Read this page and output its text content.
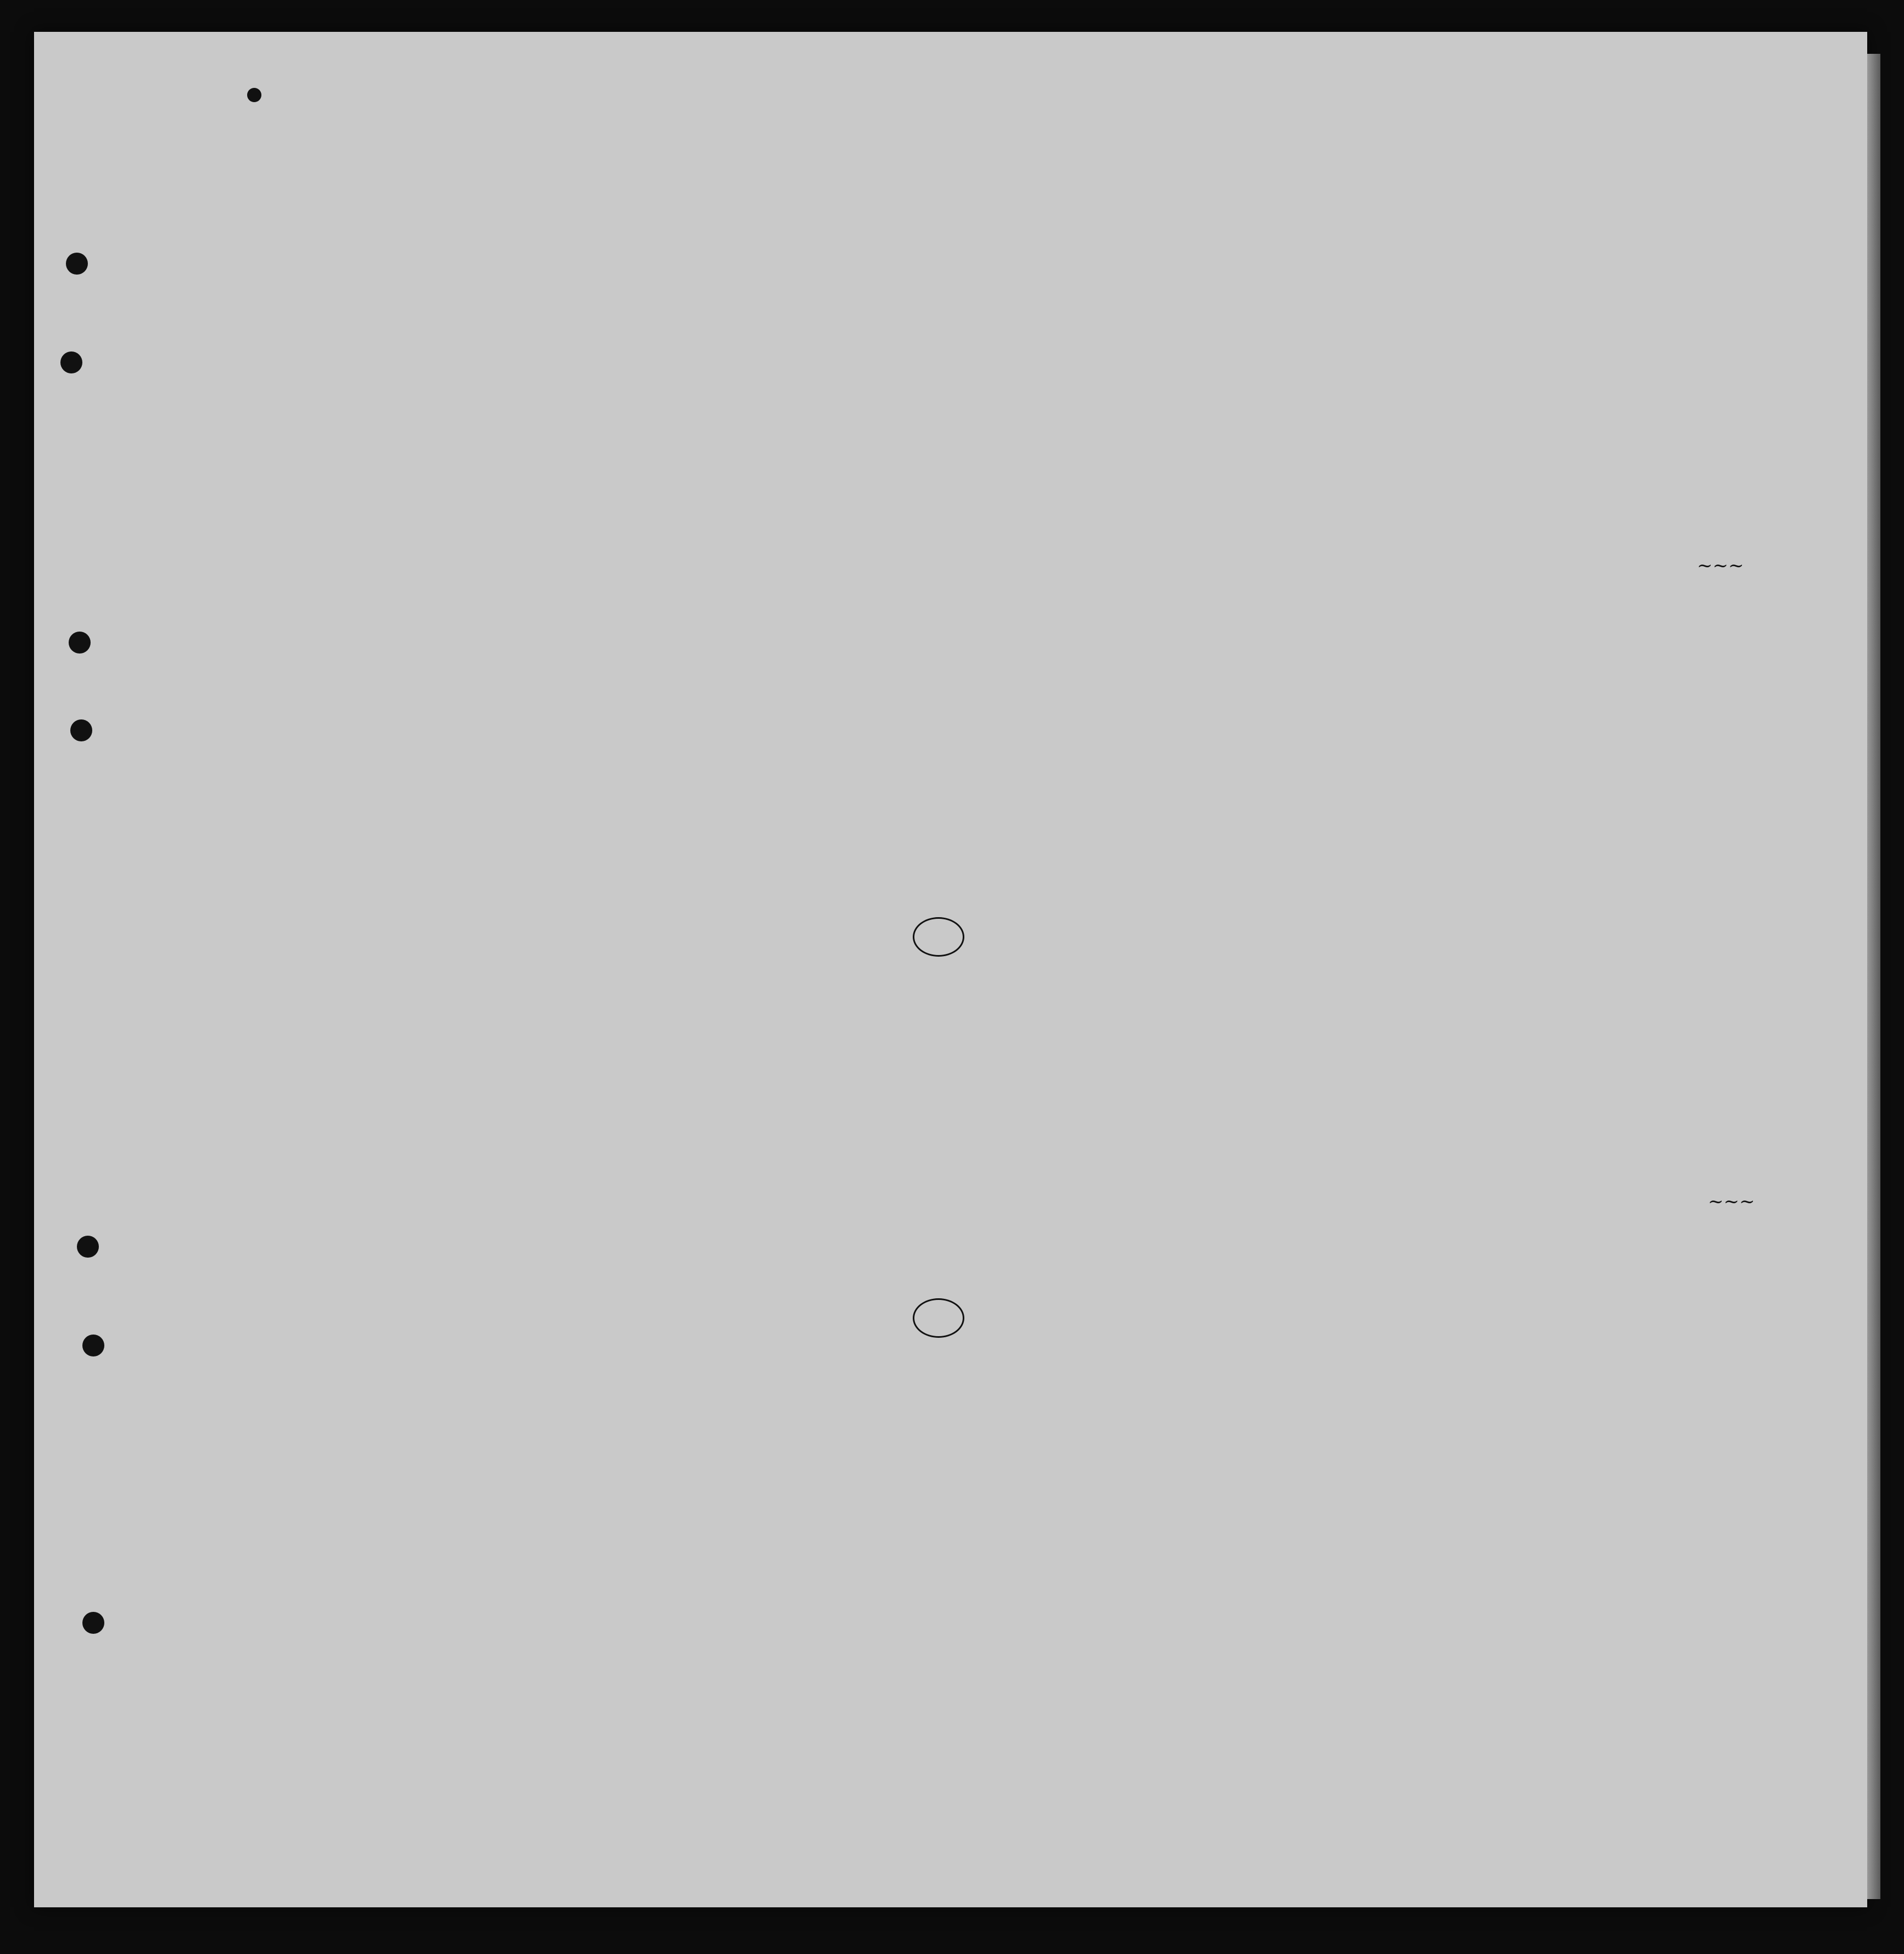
~~~
~~~
